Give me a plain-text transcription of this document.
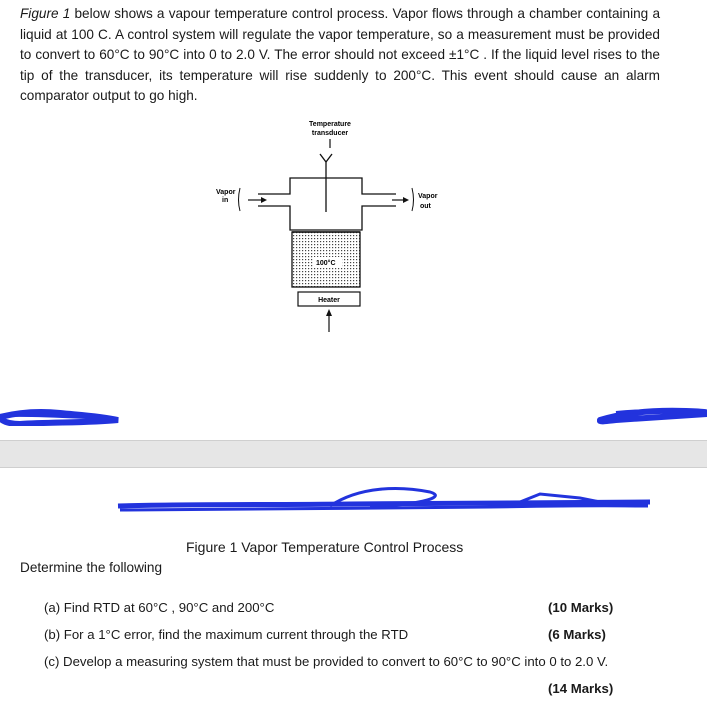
Figure 1 below shows a vapour temperature control process. Vapor flows through a chamber containing a liquid at 100 C. A control system will regulate the vapor temperature, so a measurement must be provided to convert to 60°C to 90°C into 0 to 2.0 V. The error should not exceed ±1°C . If the liquid level rises to the tip of the transducer, its temperature will rise suddenly to 200°C. This event should cause an alarm comparator output to go high.

Temperature
transducer
100°C
Heater
Vapor
in
Vapor
out

Figure 1 Vapor Temperature Control Process

Determine the following

(a) Find RTD at 60°C , 90°C and 200°C	(10 Marks)

(b) For a 1°C error, find the maximum current through the RTD	(6 Marks)

(c) Develop a measuring system that must be provided to convert to 60°C to 90°C into 0 to 2.0 V.

(14 Marks)
